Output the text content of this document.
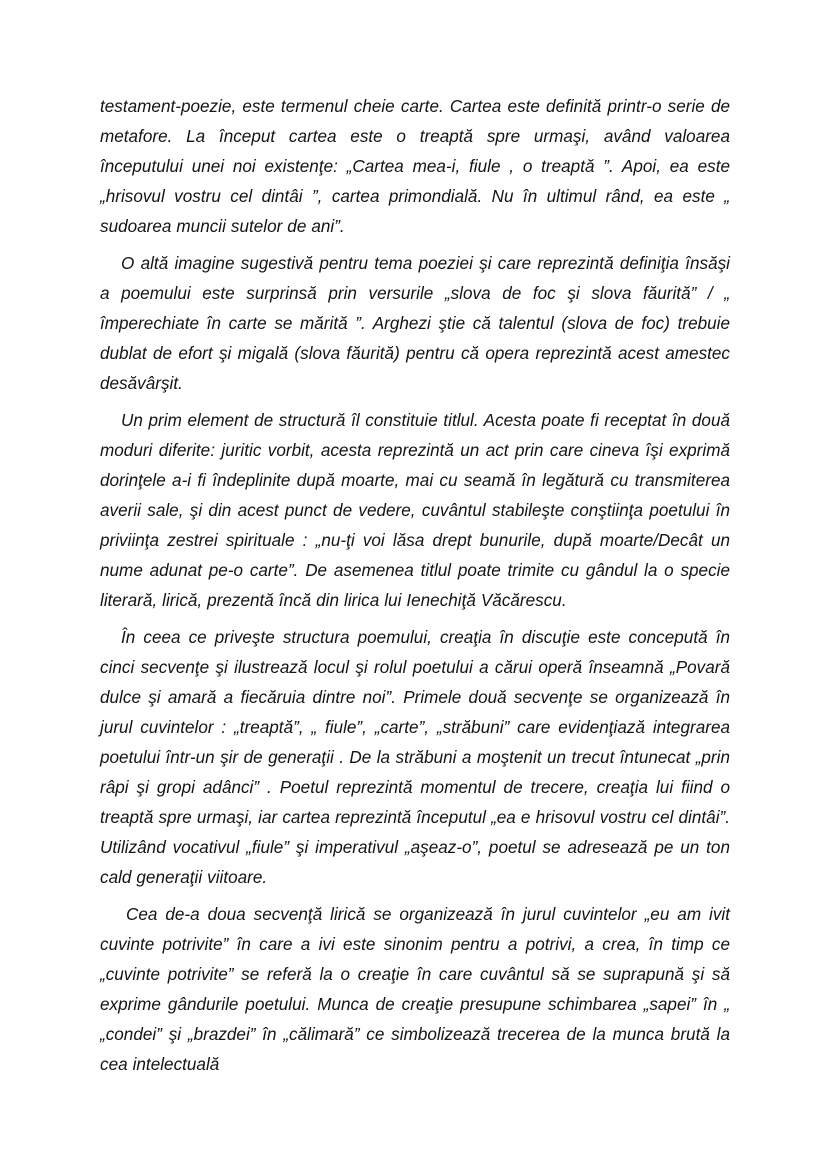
testament-poezie, este termenul cheie carte. Cartea este definită printr-o serie de metafore. La început cartea este o treaptă spre urmaşi, având valoarea începutului unei noi existenţe: „Cartea mea-i, fiule , o treaptă ”. Apoi, ea este „hrisovul vostru cel dintâi ”, cartea primondială. Nu în ultimul rând, ea este „ sudoarea muncii sutelor de ani”.

O altă imagine sugestivă pentru tema poeziei şi care reprezintă definiţia însăşi a poemului este surprinsă prin versurile „slova de foc şi slova făurită” / „ împerechiate în carte se mărită ”. Arghezi ştie că talentul (slova de foc) trebuie dublat de efort şi migală (slova făurită) pentru că opera reprezintă acest amestec desăvârşit.

Un prim element de structură îl constituie titlul. Acesta poate fi receptat în două moduri diferite: juritic vorbit, acesta reprezintă un act prin care cineva îşi exprimă dorinţele a-i fi îndeplinite după moarte, mai cu seamă în legătură cu transmiterea averii sale, şi din acest punct de vedere, cuvântul stabileşte conştiinţa poetului în priviinţa zestrei spirituale : „nu-ţi voi lăsa drept bunurile, după moarte/Decât un nume adunat pe-o carte”. De asemenea titlul poate trimite cu gândul la o specie literară, lirică, prezentă încă din lirica lui Ienechiţă Văcărescu.

În ceea ce priveşte structura poemului, creaţia în discuţie este concepută în cinci secvenţe şi ilustrează locul şi rolul poetului a cărui operă înseamnă „Povară dulce şi amară a fiecăruia dintre noi”. Primele două secvenţe se organizează în jurul cuvintelor : „treaptă”, „ fiule”, „carte”, „străbuni” care evidenţiază integrarea poetului într-un şir de generaţii . De la străbuni a moştenit un trecut întunecat „prin râpi şi gropi adânci” . Poetul reprezintă momentul de trecere, creaţia lui fiind o treaptă spre urmaşi, iar cartea reprezintă începutul „ea e hrisovul vostru cel dintâi”. Utilizând vocativul „fiule” şi imperativul „aşeaz-o”, poetul se adresează pe un ton cald generaţii viitoare.

Cea de-a doua secvenţă lirică se organizează în jurul cuvintelor „eu am ivit cuvinte potrivite” în care a ivi este sinonim pentru a potrivi, a crea, în timp ce „cuvinte potrivite” se referă la o creaţie în care cuvântul să se suprapună şi să exprime gândurile poetului. Munca de creaţie presupune schimbarea „sapei” în „ „condei” şi „brazdei” în „călimară” ce simbolizează trecerea de la munca brută la cea intelectuală
